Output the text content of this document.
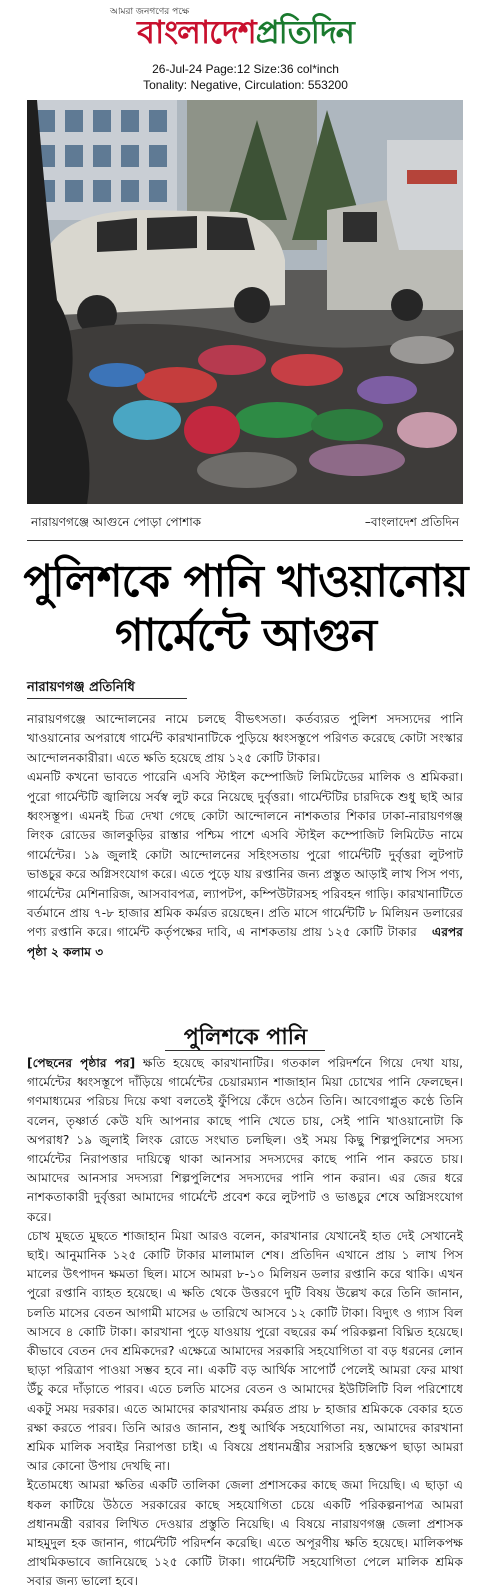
আমরা জনগণের পক্ষে
বাংলাদেশপ্রতিদিন
26-Jul-24 Page:12 Size:36 col*inch
Tonality: Negative, Circulation: 553200
নারায়ণগঞ্জে আগুনে পোড়া পোশাক	–বাংলাদেশ প্রতিদিন
পুলিশকে পানি খাওয়ানোয়
গার্মেন্টে আগুন
নারায়ণগঞ্জ প্রতিনিধি

নারায়ণগঞ্জে আন্দোলনের নামে চলছে বীভৎসতা। কর্তব্যরত পুলিশ সদস্যদের পানি খাওয়ানোর অপরাধে গার্মেন্ট কারখানাটিকে পুড়িয়ে ধ্বংসস্তূপে পরিণত করেছে কোটা সংস্কার আন্দোলনকারীরা। এতে ক্ষতি হয়েছে প্রায় ১২৫ কোটি টাকার।

এমনটি কখনো ভাবতে পারেনি এসবি স্টাইল কম্পোজিট লিমিটেডের মালিক ও শ্রমিকরা। পুরো গার্মেন্টটি জ্বালিয়ে সর্বস্ব লুট করে নিয়েছে দুর্বৃত্তরা। গার্মেন্টটির চারদিকে শুধু ছাই আর ধ্বংসস্তূপ। এমনই চিত্র দেখা গেছে কোটা আন্দোলনে নাশকতার শিকার ঢাকা-নারায়ণগঞ্জ লিংক রোডের জালকুড়ির রাস্তার পশ্চিম পাশে এসবি স্টাইল কম্পোজিট লিমিটেড নামে গার্মেন্টের। ১৯ জুলাই কোটা আন্দোলনের সহিংসতায় পুরো গার্মেন্টটি দুর্বৃত্তরা লুটপাট ভাঙচুর করে অগ্নিসংযোগ করে। এতে পুড়ে যায় রপ্তানির জন্য প্রস্তুত আড়াই লাখ পিস পণ্য, গার্মেন্টের মেশিনারিজ, আসবাবপত্র, ল্যাপটপ, কম্পিউটারসহ পরিবহন গাড়ি। কারখানাটিতে বর্তমানে প্রায় ৭-৮ হাজার শ্রমিক কর্মরত রয়েছেন। প্রতি মাসে গার্মেন্টটি ৮ মিলিয়ন ডলারের পণ্য রপ্তানি করে। গার্মেন্ট কর্তৃপক্ষের দাবি, এ নাশকতায় প্রায় ১২৫ কোটি টাকার এরপর পৃষ্ঠা ২ কলাম ৩

পুলিশকে পানি

[পেছনের পৃষ্ঠার পর] ক্ষতি হয়েছে কারখানাটির। গতকাল পরিদর্শনে গিয়ে দেখা যায়, গার্মেন্টের ধ্বংসস্তূপে দাঁড়িয়ে গার্মেন্টের চেয়ারম্যান শাজাহান মিয়া চোখের পানি ফেলছেন। গণমাধ্যমের পরিচয় দিয়ে কথা বলতেই ফুঁপিয়ে কেঁদে ওঠেন তিনি। আবেগাপ্লুত কণ্ঠে তিনি বলেন, তৃষ্ণার্ত কেউ যদি আপনার কাছে পানি খেতে চায়, সেই পানি খাওয়ানোটা কি অপরাধ? ১৯ জুলাই লিংক রোডে সংঘাত চলছিল। ওই সময় কিছু শিল্পপুলিশের সদস্য গার্মেন্টের নিরাপত্তার দায়িত্বে থাকা আনসার সদস্যদের কাছে পানি পান করতে চায়। আমাদের আনসার সদস্যরা শিল্পপুলিশের সদস্যদের পানি পান করান। এর জের ধরে নাশকতাকারী দুর্বৃত্তরা আমাদের গার্মেন্টে প্রবেশ করে লুটপাট ও ভাঙচুর শেষে অগ্নিসংযোগ করে।

চোখ মুছতে মুছতে শাজাহান মিয়া আরও বলেন, কারখানার যেখানেই হাত দেই সেখানেই ছাই। আনুমানিক ১২৫ কোটি টাকার মালামাল শেষ। প্রতিদিন এখানে প্রায় ১ লাখ পিস মালের উৎপাদন ক্ষমতা ছিল। মাসে আমরা ৮-১০ মিলিয়ন ডলার রপ্তানি করে থাকি। এখন পুরো রপ্তানি ব্যাহত হয়েছে। এ ক্ষতি থেকে উত্তরণে দুটি বিষয় উল্লেখ করে তিনি জানান, চলতি মাসের বেতন আগামী মাসের ৬ তারিখে আসবে ১২ কোটি টাকা। বিদ্যুৎ ও গ্যাস বিল আসবে ৪ কোটি টাকা। কারখানা পুড়ে যাওয়ায় পুরো বছরের কর্ম পরিকল্পনা বিঘ্নিত হয়েছে। কীভাবে বেতন দেব শ্রমিকদের? এক্ষেত্রে আমাদের সরকারি সহযোগিতা বা বড় ধরনের লোন ছাড়া পরিত্রাণ পাওয়া সম্ভব হবে না। একটি বড় আর্থিক সাপোর্ট পেলেই আমরা ফের মাথা উঁচু করে দাঁড়াতে পারব। এতে চলতি মাসের বেতন ও আমাদের ইউটিলিটি বিল পরিশোধে একটু সময় দরকার। এতে আমাদের কারখানায় কর্মরত প্রায় ৮ হাজার শ্রমিককে বেকার হতে রক্ষা করতে পারব। তিনি আরও জানান, শুধু আর্থিক সহযোগিতা নয়, আমাদের কারখানা শ্রমিক মালিক সবাইর নিরাপত্তা চাই। এ বিষয়ে প্রধানমন্ত্রীর সরাসরি হস্তক্ষেপ ছাড়া আমরা আর কোনো উপায় দেখছি না।

ইতোমধ্যে আমরা ক্ষতির একটি তালিকা জেলা প্রশাসকের কাছে জমা দিয়েছি। এ ছাড়া এ ধকল কাটিয়ে উঠতে সরকারের কাছে সহযোগিতা চেয়ে একটি পরিকল্পনাপত্র আমরা প্রধানমন্ত্রী বরাবর লিখিত দেওয়ার প্রস্তুতি নিয়েছি। এ বিষয়ে নারায়ণগঞ্জ জেলা প্রশাসক মাহমুদুল হক জানান, গার্মেন্টটি পরিদর্শন করেছি। এতে অপূরণীয় ক্ষতি হয়েছে। মালিকপক্ষ প্রাথমিকভাবে জানিয়েছে ১২৫ কোটি টাকা। গার্মেন্টটি সহযোগিতা পেলে মালিক শ্রমিক সবার জন্য ভালো হবে।
